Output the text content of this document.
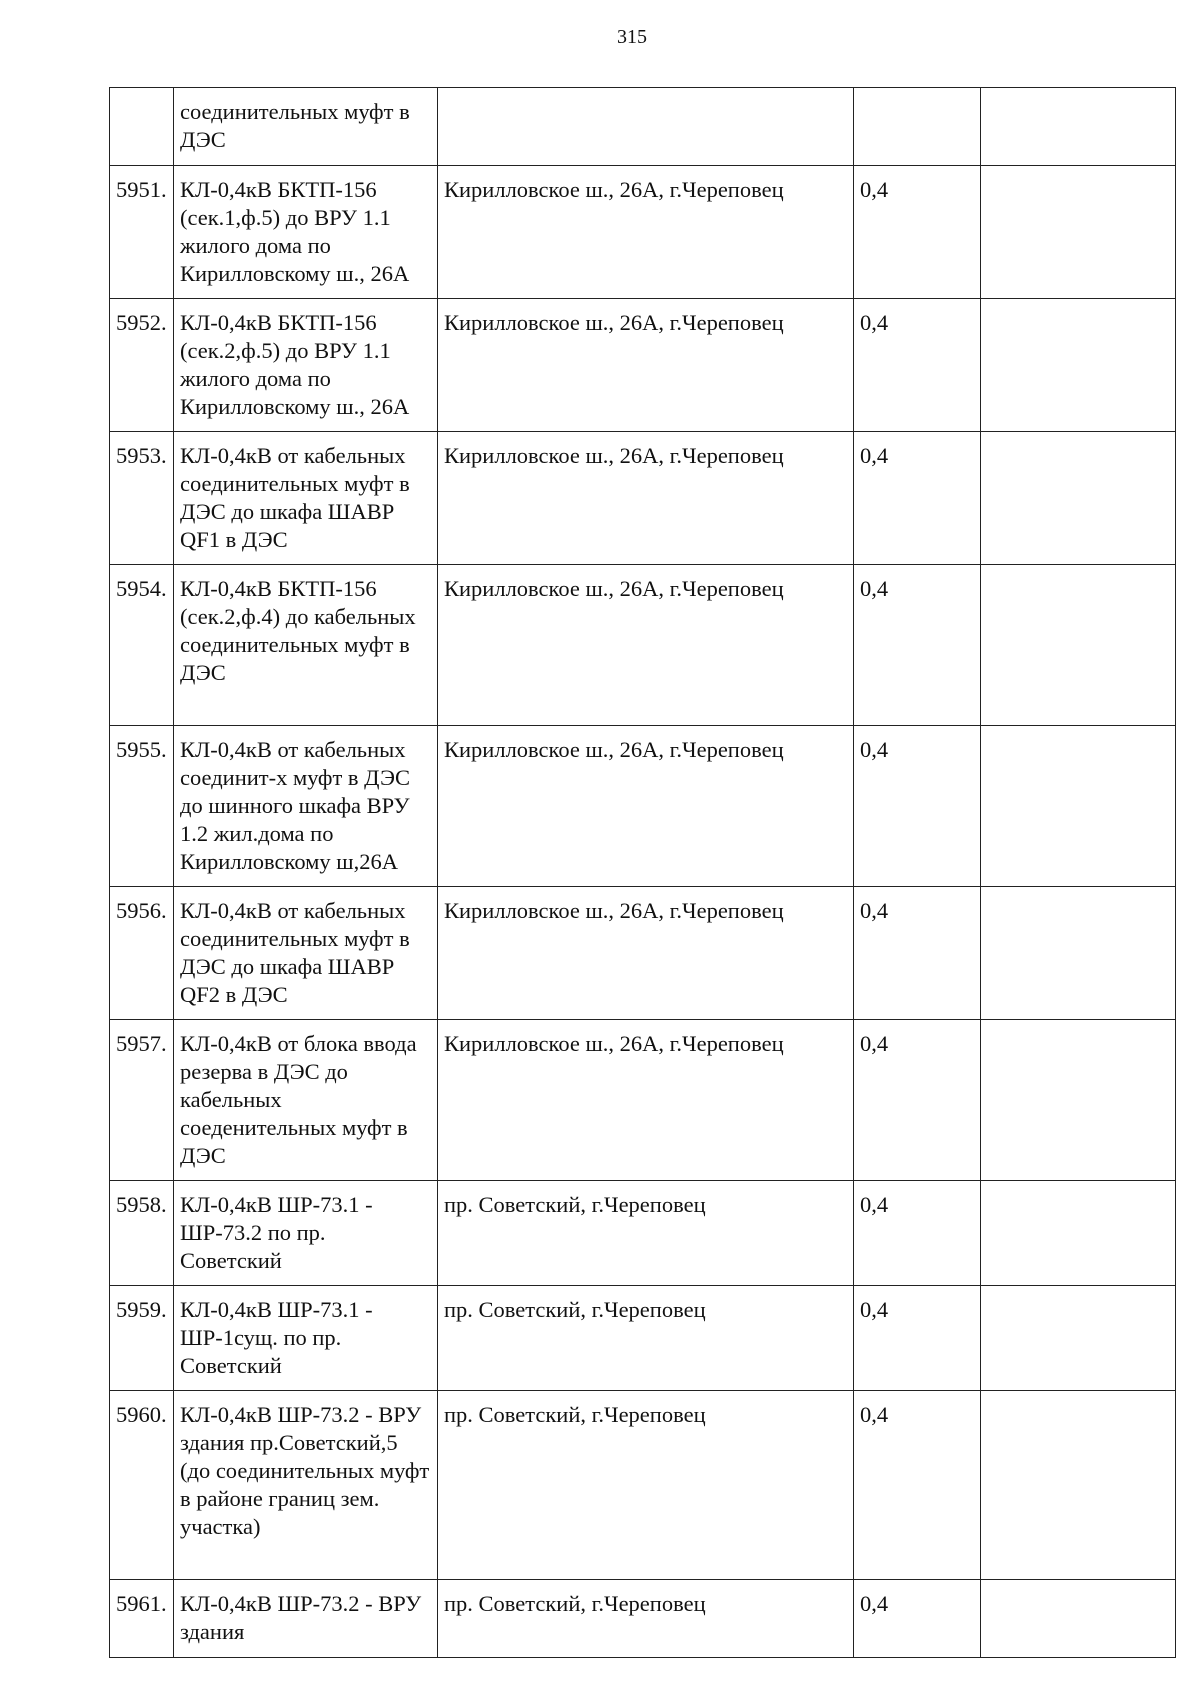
315
	соединительных муфт в ДЭС			
5951.	КЛ-0,4кВ БКТП-156 (сек.1,ф.5) до ВРУ 1.1 жилого дома по Кирилловскому ш., 26А	Кирилловское ш., 26А, г.Череповец	0,4	
5952.	КЛ-0,4кВ БКТП-156 (сек.2,ф.5) до ВРУ 1.1 жилого дома по Кирилловскому ш., 26А	Кирилловское ш., 26А, г.Череповец	0,4	
5953.	КЛ-0,4кВ от кабельных соединительных муфт в ДЭС до шкафа ШАВР QF1 в ДЭС	Кирилловское ш., 26А, г.Череповец	0,4	
5954.	КЛ-0,4кВ БКТП-156 (сек.2,ф.4) до кабельных соединительных муфт в ДЭС	Кирилловское ш., 26А, г.Череповец	0,4	
5955.	КЛ-0,4кВ от кабельных соединит-х муфт в ДЭС до шинного шкафа ВРУ 1.2 жил.дома по Кирилловскому ш,26А	Кирилловское ш., 26А, г.Череповец	0,4	
5956.	КЛ-0,4кВ от кабельных соединительных муфт в ДЭС до шкафа ШАВР QF2 в ДЭС	Кирилловское ш., 26А, г.Череповец	0,4	
5957.	КЛ-0,4кВ от блока ввода резерва в ДЭС до кабельных соеденительных муфт в ДЭС	Кирилловское ш., 26А, г.Череповец	0,4	
5958.	КЛ-0,4кВ ШР-73.1 - ШР-73.2 по пр. Советский	пр. Советский, г.Череповец	0,4	
5959.	КЛ-0,4кВ ШР-73.1 - ШР-1сущ. по пр. Советский	пр. Советский, г.Череповец	0,4	
5960.	КЛ-0,4кВ ШР-73.2 - ВРУ здания пр.Советский,5 (до соединительных муфт в районе границ зем. участка)	пр. Советский, г.Череповец	0,4	
5961.	КЛ-0,4кВ ШР-73.2 - ВРУ здания	пр. Советский, г.Череповец	0,4	
